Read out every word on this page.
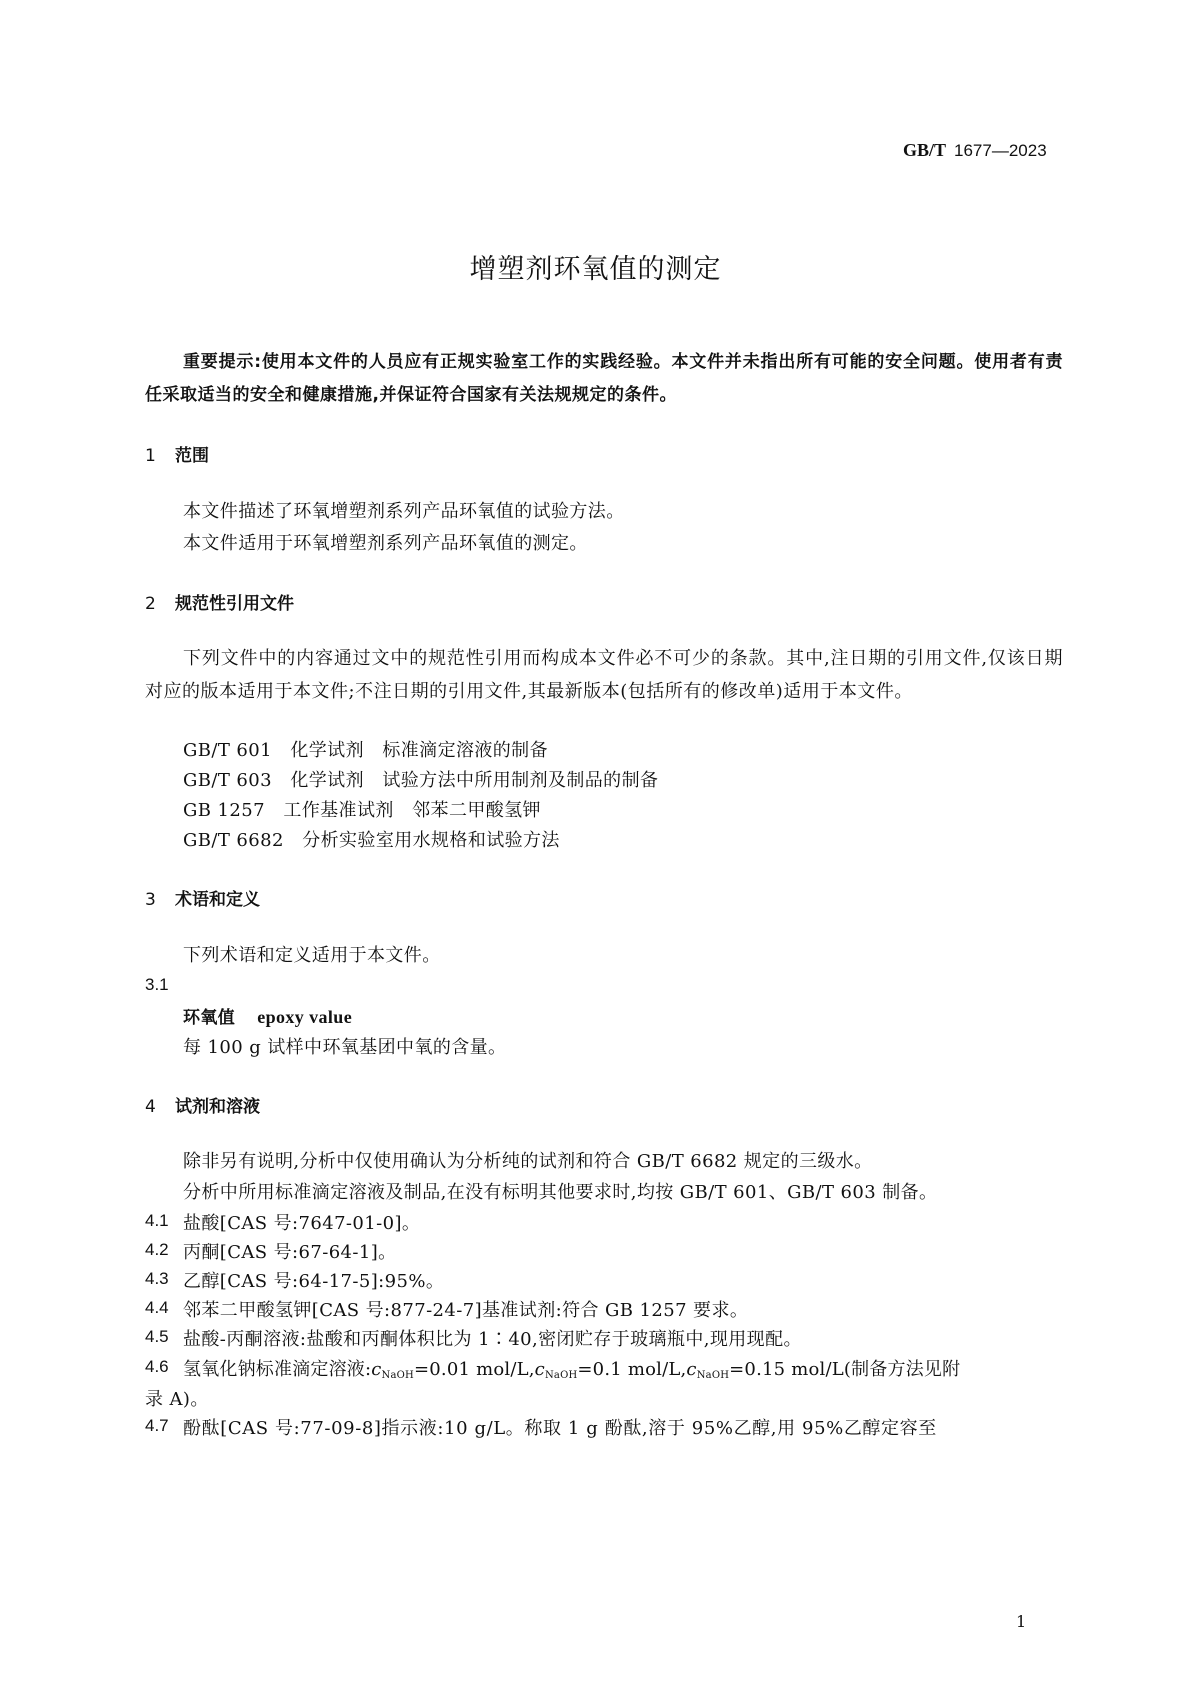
GB/T 1677—2023
增塑剂环氧值的测定
重要提示:使用本文件的人员应有正规实验室工作的实践经验。本文件并未指出所有可能的安全问题。使用者有责任采取适当的安全和健康措施,并保证符合国家有关法规规定的条件。
1 范围
本文件描述了环氧增塑剂系列产品环氧值的试验方法。
本文件适用于环氧增塑剂系列产品环氧值的测定。
2 规范性引用文件
下列文件中的内容通过文中的规范性引用而构成本文件必不可少的条款。其中,注日期的引用文件,仅该日期对应的版本适用于本文件;不注日期的引用文件,其最新版本(包括所有的修改单)适用于本文件。
GB/T 601　 化学试剂　标准滴定溶液的制备
GB/T 603　 化学试剂　试验方法中所用制剂及制品的制备
GB 1257　 工作基准试剂　邻苯二甲酸氢钾
GB/T 6682　 分析实验室用水规格和试验方法
3 术语和定义
下列术语和定义适用于本文件。
3.1
环氧值 epoxy value
每 100 g 试样中环氧基团中氧的含量。
4 试剂和溶液
除非另有说明,分析中仅使用确认为分析纯的试剂和符合 GB/T 6682 规定的三级水。
分析中所用标准滴定溶液及制品,在没有标明其他要求时,均按 GB/T 601、GB/T 603 制备。
4.1 盐酸[CAS 号:7647-01-0]。
4.2 丙酮[CAS 号:67-64-1]。
4.3 乙醇[CAS 号:64-17-5]:95%。
4.4 邻苯二甲酸氢钾[CAS 号:877-24-7]基准试剂:符合 GB 1257 要求。
4.5 盐酸-丙酮溶液:盐酸和丙酮体积比为 1∶40,密闭贮存于玻璃瓶中,现用现配。
4.6 氢氧化钠标准滴定溶液$:c_{NaOH}=0.01$ mol/$L,c_{NaOH}=0.1$ mol/$L,c_{NaOH}=0.15$ mol/L(制备方法见附
录 A)。
4.7 酚酞[CAS 号:77-09-8]指示液:10 g/L。称取 1 g 酚酞,溶于 95%乙醇,用 95%乙醇定容至
1
